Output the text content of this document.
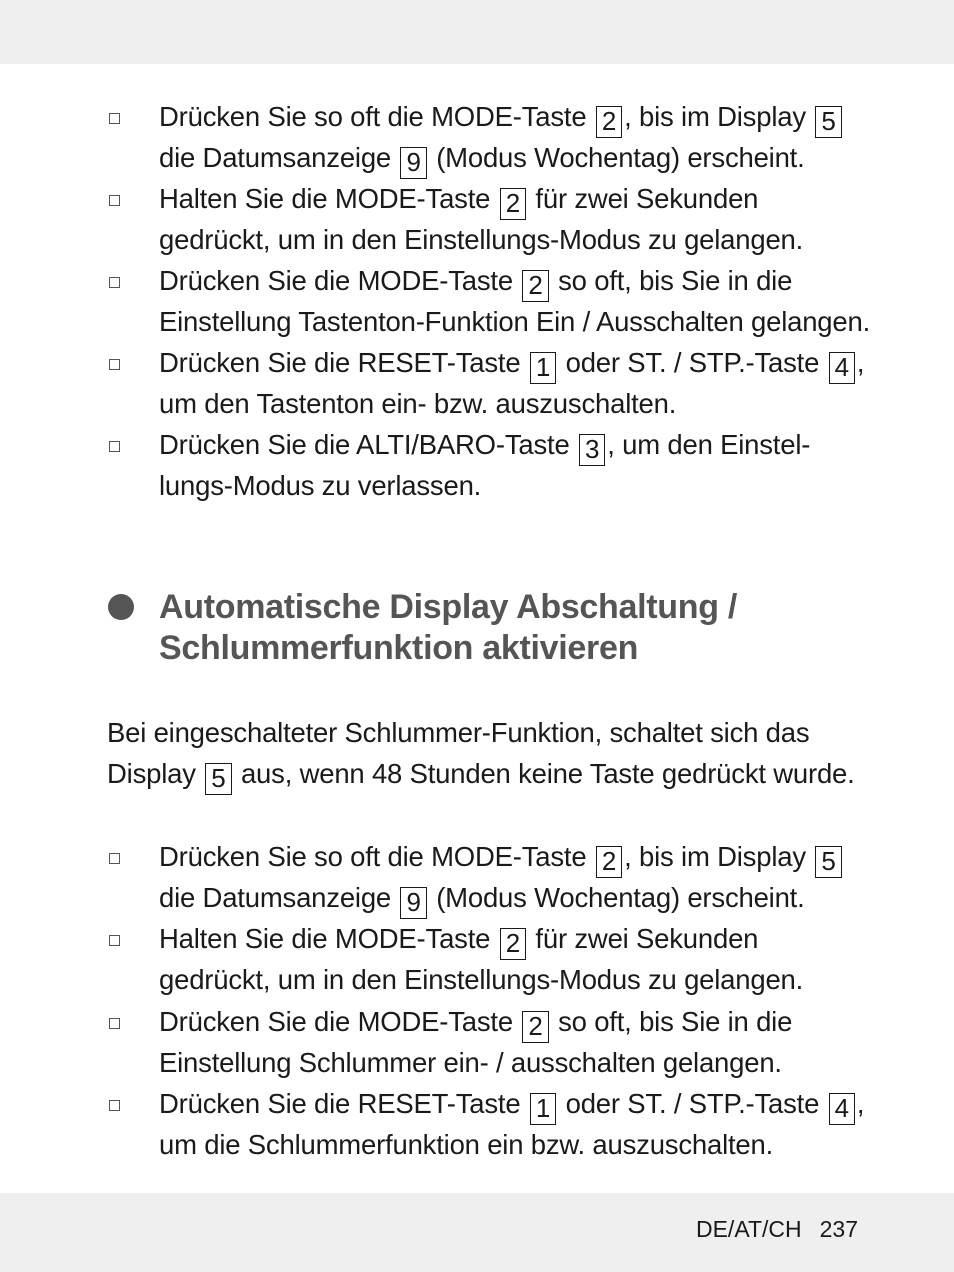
Drücken Sie so oft die MODE-Taste 2 , bis im Display 5
die Datumsanzeige 9 (Modus Wochentag) erscheint.
Halten Sie die MODE-Taste 2 für zwei Sekunden
gedrückt, um in den Einstellungs-Modus zu gelangen.
Drücken Sie die MODE-Taste 2 so oft, bis Sie in die
Einstellung Tastenton-Funktion Ein / Ausschalten gelangen.
Drücken Sie die RESET-Taste 1 oder ST. / STP.-Taste 4 ,
um den Tastenton ein- bzw. auszuschalten.
Drücken Sie die ALTI/BARO-Taste 3 , um den Einstel-
lungs-Modus zu verlassen.
Automatische Display Abschaltung /
Schlummerfunktion aktivieren
Bei eingeschalteter Schlummer-Funktion, schaltet sich das
Display 5 aus, wenn 48 Stunden keine Taste gedrückt wurde.
Drücken Sie so oft die MODE-Taste 2 , bis im Display 5
die Datumsanzeige 9 (Modus Wochentag) erscheint.
Halten Sie die MODE-Taste 2 für zwei Sekunden
gedrückt, um in den Einstellungs-Modus zu gelangen.
Drücken Sie die MODE-Taste 2 so oft, bis Sie in die
Einstellung Schlummer ein- / ausschalten gelangen.
Drücken Sie die RESET-Taste 1 oder ST. / STP.-Taste 4 ,
um die Schlummerfunktion ein bzw. auszuschalten.
DE/AT/CH 237
